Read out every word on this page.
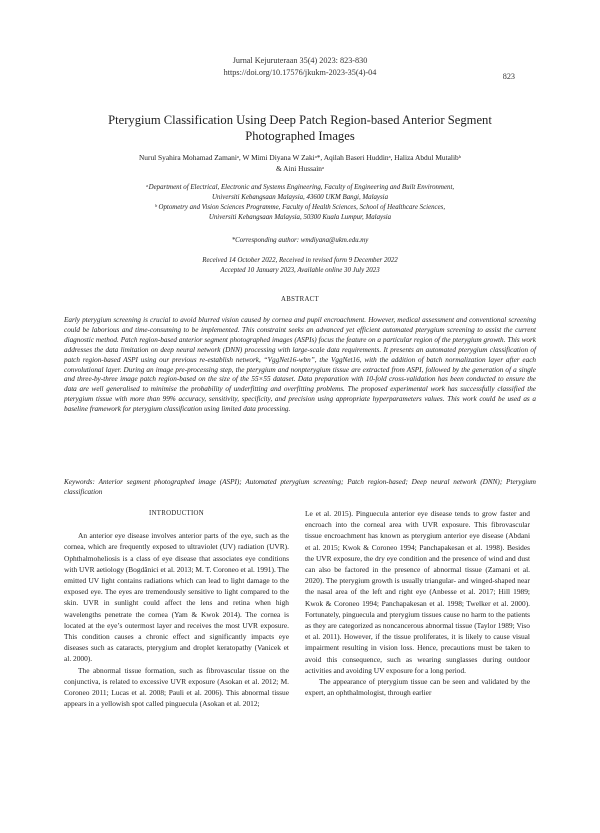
Jurnal Kejuruteraan 35(4) 2023: 823-830
https://doi.org/10.17576/jkukm-2023-35(4)-04	823
Pterygium Classification Using Deep Patch Region-based Anterior Segment
Photographed Images
Nurul Syahira Mohamad Zamaniᵃ, W Mimi Diyana W Zakiᵃ*, Aqilah Baseri Huddinᵃ, Haliza Abdul Mutalibᵇ
& Aini Hussainᵃ
ᵃDepartment of Electrical, Electronic and Systems Engineering, Faculty of Engineering and Built Environment,
Universiti Kebangsaan Malaysia, 43600 UKM Bangi, Malaysia
ᵇ Optometry and Vision Sciences Programme, Faculty of Health Sciences, School of Healthcare Sciences,
Universiti Kebangsaan Malaysia, 50300 Kuala Lumpur, Malaysia
*Corresponding author: wmdiyana@ukm.edu.my
Received 14 October 2022, Received in revised form 9 December 2022
Accepted 10 January 2023, Available online 30 July 2023
ABSTRACT
Early pterygium screening is crucial to avoid blurred vision caused by cornea and pupil encroachment. However, medical assessment and conventional screening could be laborious and time-consuming to be implemented. This constraint seeks an advanced yet efficient automated pterygium screening to assist the current diagnostic method. Patch region-based anterior segment photographed images (ASPIs) focus the feature on a particular region of the pterygium growth. This work addresses the data limitation on deep neural network (DNN) processing with large-scale data requirements. It presents an automated pterygium classification of patch region-based ASPI using our previous re-establish network, “VggNet16-wbn”, the VggNet16, with the addition of batch normalization layer after each convolutional layer. During an image pre-processing step, the pterygium and nonpterygium tissue are extracted from ASPI, followed by the generation of a single and three-by-three image patch region-based on the size of the 55×55 dataset. Data preparation with 10-fold cross-validation has been conducted to ensure the data are well generalised to minimise the probability of underfitting and overfitting problems. The proposed experimental work has successfully classified the pterygium tissue with more than 99% accuracy, sensitivity, specificity, and precision using appropriate hyperparameters values. This work could be used as a baseline framework for pterygium classification using limited data processing.
Keywords: Anterior segment photographed image (ASPI); Automated pterygium screening; Patch region-based; Deep neural network (DNN); Pterygium classification
INTRODUCTION

An anterior eye disease involves anterior parts of the eye, such as the cornea, which are frequently exposed to ultraviolet (UV) radiation (UVR). Ophthalmoheliosis is a class of eye disease that associates eye conditions with UVR aetiology (Bogdănici et al. 2013; M. T. Coroneo et al. 1991). The emitted UV light contains radiations which can lead to light damage to the exposed eye. The eyes are tremendously sensitive to light compared to the skin. UVR in sunlight could affect the lens and retina when high wavelengths penetrate the cornea (Yam & Kwok 2014). The cornea is located at the eye’s outermost layer and receives the most UVR exposure. This condition causes a chronic effect and significantly impacts eye diseases such as cataracts, pterygium and droplet keratopathy (Vanicek et al. 2000).

The abnormal tissue formation, such as fibrovascular tissue on the conjunctiva, is related to excessive UVR exposure (Asokan et al. 2012; M. Coroneo 2011; Lucas et al. 2008; Pauli et al. 2006). This abnormal tissue appears in a yellowish spot called pinguecula (Asokan et al. 2012;

Le et al. 2015). Pinguecula anterior eye disease tends to grow faster and encroach into the corneal area with UVR exposure. This fibrovascular tissue encroachment has known as pterygium anterior eye disease (Abdani et al. 2015; Kwok & Coroneo 1994; Panchapakesan et al. 1998). Besides the UVR exposure, the dry eye condition and the presence of wind and dust can also be factored in the presence of abnormal tissue (Zamani et al. 2020). The pterygium growth is usually triangular- and winged-shaped near the nasal area of the left and right eye (Anbesse et al. 2017; Hill 1989; Kwok & Coroneo 1994; Panchapakesan et al. 1998; Twelker et al. 2000). Fortunately, pinguecula and pterygium tissues cause no harm to the patients as they are categorized as noncancerous abnormal tissue (Taylor 1989; Viso et al. 2011). However, if the tissue proliferates, it is likely to cause visual impairment resulting in vision loss. Hence, precautions must be taken to avoid this consequence, such as wearing sunglasses during outdoor activities and avoiding UV exposure for a long period.

The appearance of pterygium tissue can be seen and validated by the expert, an ophthalmologist, through earlier
